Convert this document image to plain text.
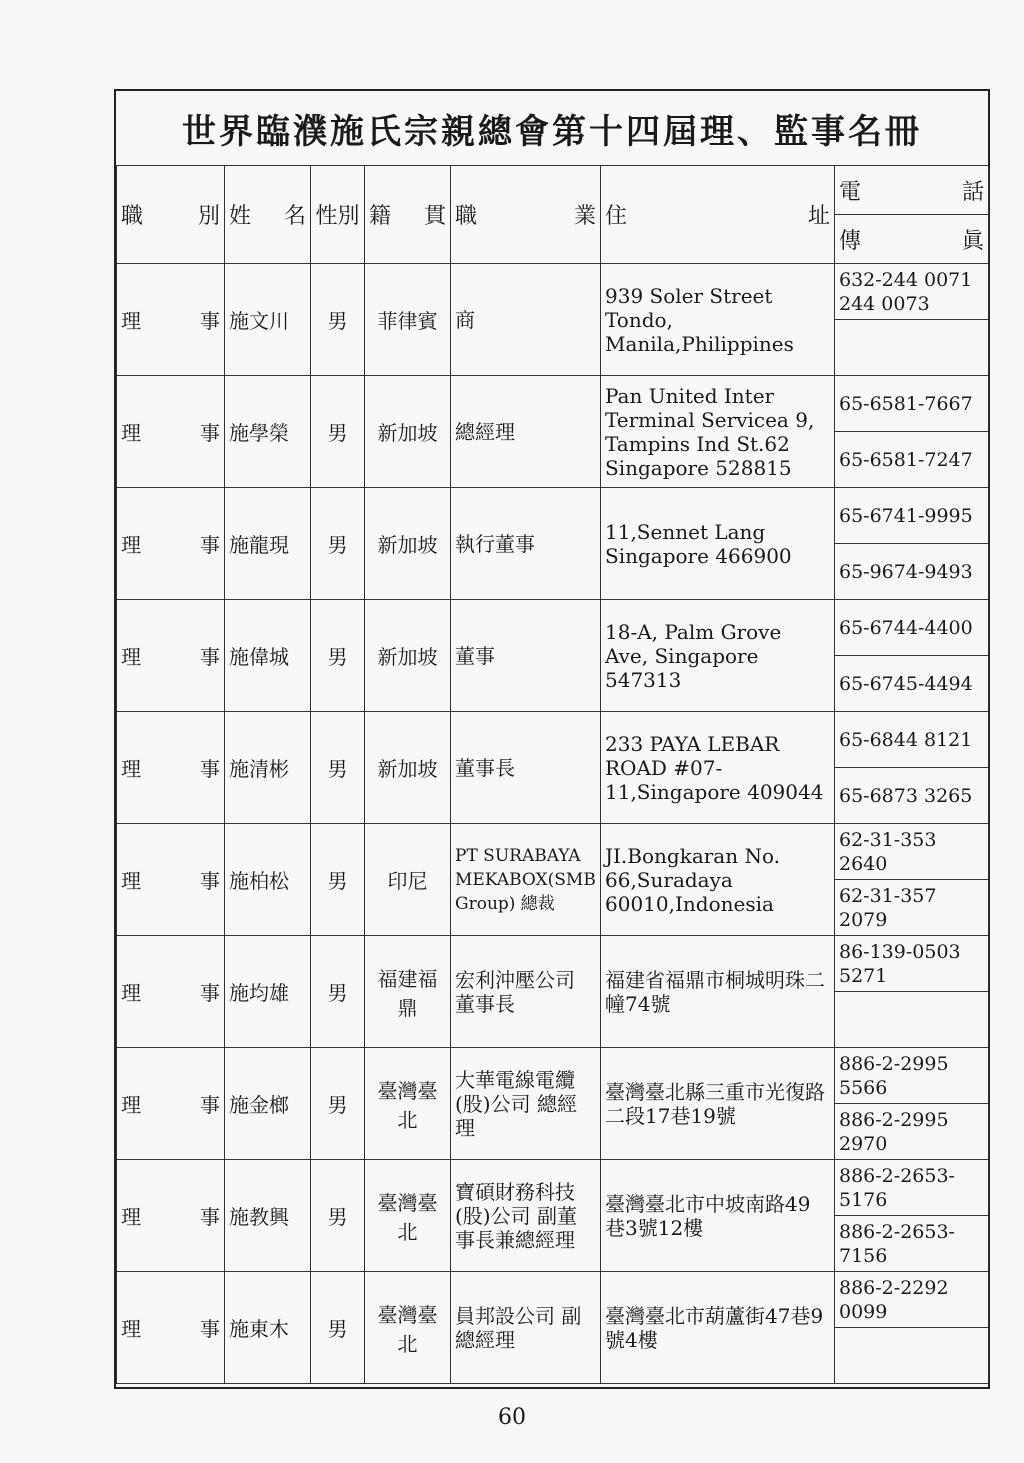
世界臨濮施氏宗親總會第十四屆理、監事名冊
職 別	姓 名	性別	籍 貫	職 業	住 址	電 話

						傳 眞

理 事	施文川	男	菲律賓	商	939 Soler Street Tondo, Manila,Philippines	632-244 0071 244 0073

理 事	施學榮	男	新加坡	總經理	Pan United Inter Terminal Servicea 9, Tampins Ind St.62 Singapore 528815	65-6581-7667
						65-6581-7247

理 事	施龍現	男	新加坡	執行董事	11,Sennet Lang Singapore 466900	65-6741-9995
						65-9674-9493

理 事	施偉城	男	新加坡	董事	18-A, Palm Grove Ave, Singapore 547313	65-6744-4400
						65-6745-4494

理 事	施清彬	男	新加坡	董事長	233 PAYA LEBAR ROAD #07-11,Singapore 409044	65-6844 8121
						65-6873 3265

理 事	施柏松	男	印尼	PT SURABAYA MEKABOX(SMB Group) 總裁	JI.Bongkaran No. 66,Suradaya 60010,Indonesia	62-31-353 2640
						62-31-357 2079

理 事	施均雄	男	福建福鼎	宏利沖壓公司 董事長	福建省福鼎市桐城明珠二幢74號	86-139-0503 5271

理 事	施金榔	男	臺灣臺北	大華電線電纜(股)公司 總經理	臺灣臺北縣三重市光復路二段17巷19號	886-2-2995 5566
						886-2-2995 2970

理 事	施教興	男	臺灣臺北	寶碩財務科技(股)公司 副董事長兼總經理	臺灣臺北市中坡南路49巷3號12樓	886-2-2653-5176
						886-2-2653-7156

理 事	施東木	男	臺灣臺北	員邦設公司 副總經理	臺灣臺北市葫蘆街47巷9號4樓	886-2-2292 0099

60
